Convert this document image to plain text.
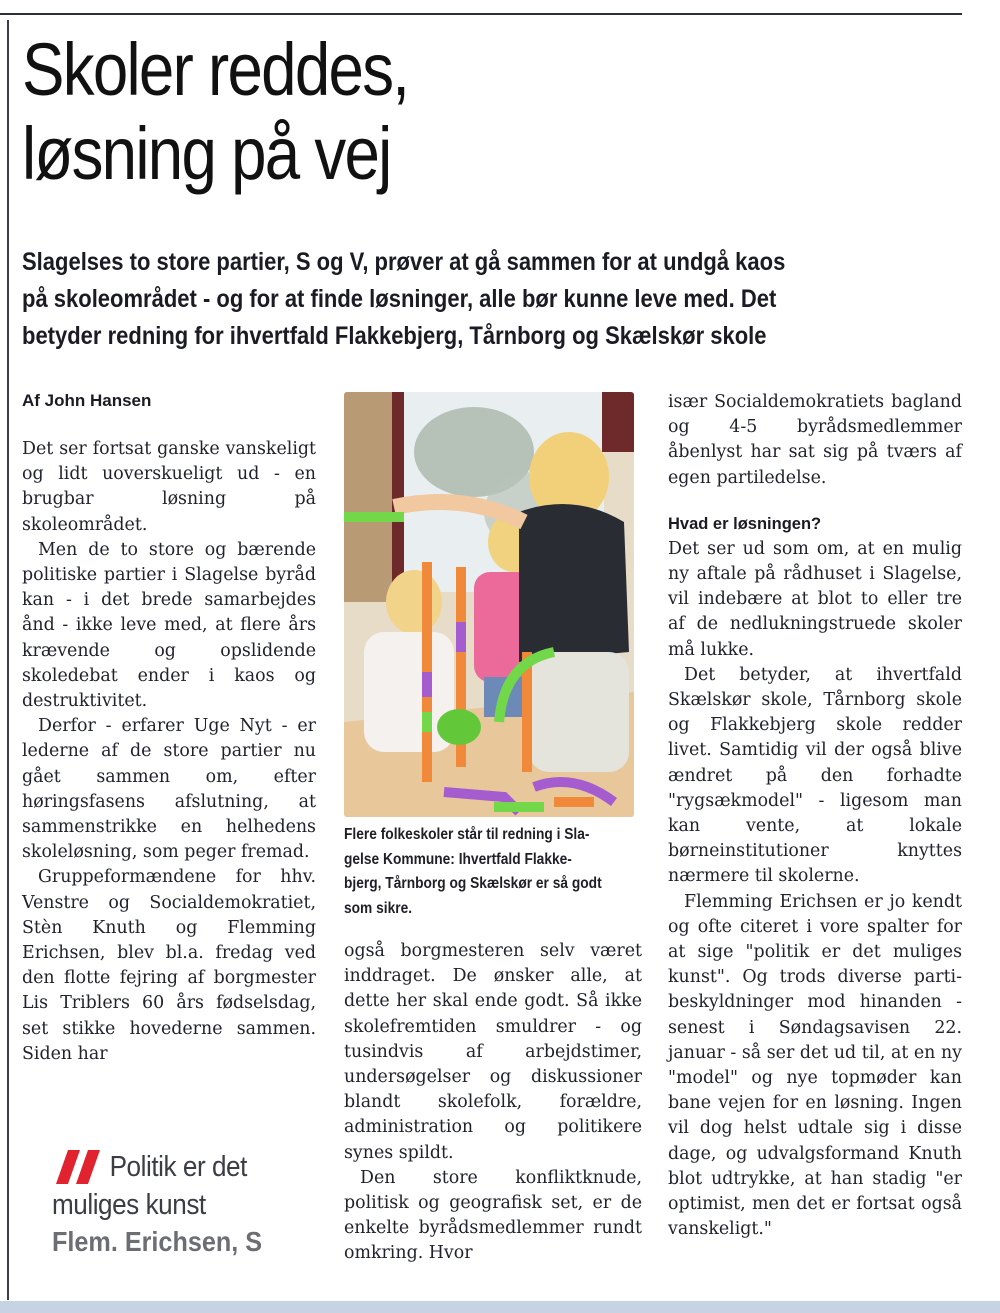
Skoler reddes,
løsning på vej

Slagelses to store partier, S og V, prøver at gå sammen for at undgå kaos
på skoleområdet - og for at finde løsninger, alle bør kunne leve med. Det
betyder redning for ihvertfald Flakkebjerg, Tårnborg og Skælskør skole

Af John Hansen

Det ser fortsat ganske vanskeligt og lidt uoverskueligt ud - en brugbar løsning på skoleområdet.

Men de to store og bærende politiske partier i Slagelse byråd kan - i det brede samarbejdes ånd - ikke leve med, at flere års krævende og opslidende skoledebat ender i kaos og destruktivitet.

Derfor - erfarer Uge Nyt - er lederne af de store partier nu gået sammen om, efter høringsfasens afslutning, at sammenstrikke en helhedens skoleløsning, som peger fremad.

Gruppeformændene for hhv. Venstre og Socialdemokratiet, Stèn Knuth og Flemming Erichsen, blev bl.a. fredag ved den flotte fejring af borgmester Lis Triblers 60 års fødselsdag, set stikke hovederne sammen. Siden har

Flere folkeskoler står til redning i Sla-
gelse Kommune: Ihvertfald Flakke-
bjerg, Tårnborg og Skælskør er så godt
som sikre.

også borgmesteren selv været inddraget. De ønsker alle, at dette her skal ende godt. Så ikke skolefremtiden smuldrer - og tusindvis af arbejdstimer, undersøgelser og diskussioner blandt skolefolk, forældre, administration og politikere synes spildt.

Den store konfliktknude, politisk og geografisk set, er de enkelte byrådsmedlemmer rundt omkring. Hvor

især Socialdemokratiets bagland og 4-5 byrådsmedlemmer åbenlyst har sat sig på tværs af egen partiledelse.

Hvad er løsningen?

Det ser ud som om, at en mulig ny aftale på rådhuset i Slagelse, vil indebære at blot to eller tre af de nedlukningstruede skoler må lukke.

Det betyder, at ihvertfald Skælskør skole, Tårnborg skole og Flakkebjerg skole redder livet. Samtidig vil der også blive ændret på den forhadte "rygsækmodel" - ligesom man kan vente, at lokale børneinstitutioner knyttes nærmere til skolerne.

Flemming Erichsen er jo kendt og ofte citeret i vore spalter for at sige "politik er det muliges kunst". Og trods diverse parti-beskyldninger mod hinanden - senest i Søndagsavisen 22. januar - så ser det ud til, at en ny "model" og nye topmøder kan bane vejen for en løsning. Ingen vil dog helst udtale sig i disse dage, og udvalgsformand Knuth blot udtrykke, at han stadig "er optimist, men det er fortsat også vanskeligt."

Politik er det
muliges kunst

Flem. Erichsen, S
